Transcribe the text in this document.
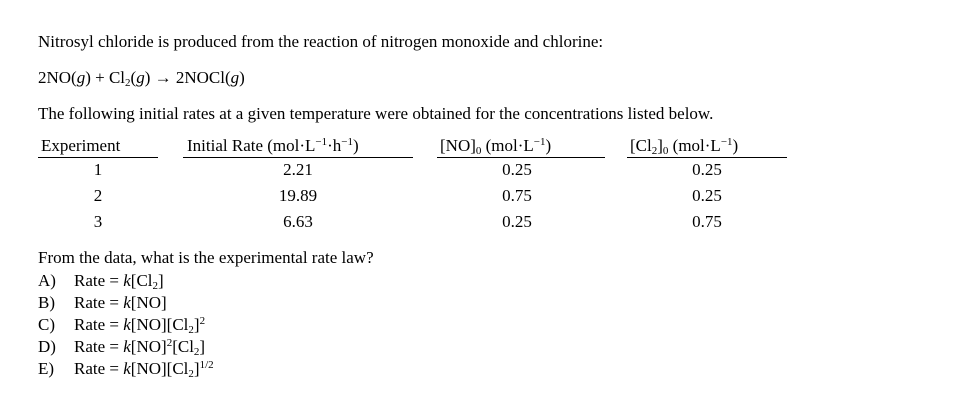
Nitrosyl chloride is produced from the reaction of nitrogen monoxide and chlorine:
$2NO(g) + Cl_2(g)$ → 2NOCl(g)
The following initial rates at a given temperature were obtained for the concentrations listed below.
Experiment	Initial Rate $(mol\cdot L^{-1}\cdot h^{-1})$	$[NO]_0$ $(mol\cdot L^{-1})$	$[Cl_2]_0$ $(mol\cdot L^{-1})$
1	2.21	0.25	0.25
2	19.89	0.75	0.25
3	6.63	0.25	0.75
From the data, what is the experimental rate law?
A) Rate = $k[Cl_2]$
B) Rate = k[NO]
C) Rate = $k[NO][Cl_2]^2$
D) Rate = $k[NO]^2[Cl_2]$
E) Rate = $k[NO][Cl_2]^{1/2}$
